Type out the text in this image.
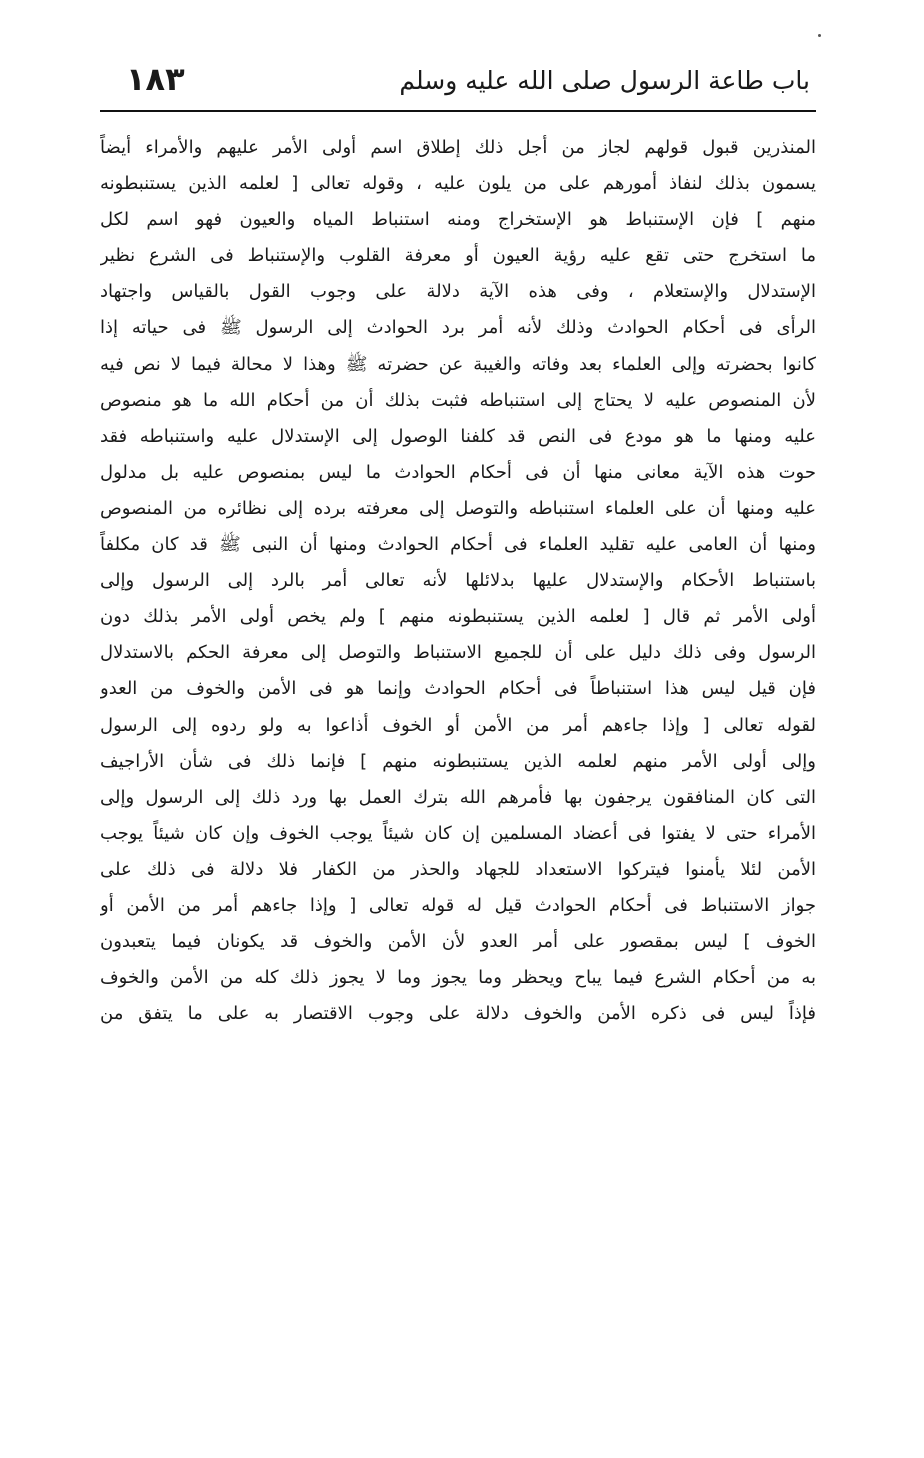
١٨٣	باب طاعة الرسول صلى الله عليه وسلم
المنذرين قبول قولهم لجاز من أجل ذلك إطلاق اسم أولى الأمر عليهم والأمراء أيضاً
يسمون بذلك لنفاذ أمورهم على من يلون عليه ، وقوله تعالى [ لعلمه الذين يستنبطونه
منهم ] فإن الإستنباط هو الإستخراج ومنه استنباط المياه والعيون فهو اسم لكل
ما استخرج حتى تقع عليه رؤية العيون أو معرفة القلوب والإستنباط فى الشرع نظير
الإستدلال والإستعلام ، وفى هذه الآية دلالة على وجوب القول بالقياس واجتهاد
الرأى فى أحكام الحوادث وذلك لأنه أمر برد الحوادث إلى الرسول ﷺ فى حياته إذا
كانوا بحضرته وإلى العلماء بعد وفاته والغيبة عن حضرته ﷺ وهذا لا محالة فيما لا نص فيه
لأن المنصوص عليه لا يحتاج إلى استنباطه فثبت بذلك أن من أحكام الله ما هو منصوص
عليه ومنها ما هو مودع فى النص قد كلفنا الوصول إلى الإستدلال عليه واستنباطه فقد
حوت هذه الآية معانى منها أن فى أحكام الحوادث ما ليس بمنصوص عليه بل مدلول
عليه ومنها أن على العلماء استنباطه والتوصل إلى معرفته برده إلى نظائره من المنصوص
ومنها أن العامى عليه تقليد العلماء فى أحكام الحوادث ومنها أن النبى ﷺ قد كان مكلفاً
باستنباط الأحكام والإستدلال عليها بدلائلها لأنه تعالى أمر بالرد إلى الرسول وإلى
أولى الأمر ثم قال [ لعلمه الذين يستنبطونه منهم ] ولم يخص أولى الأمر بذلك دون
الرسول وفى ذلك دليل على أن للجميع الاستنباط والتوصل إلى معرفة الحكم بالاستدلال
فإن قيل ليس هذا استنباطاً فى أحكام الحوادث وإنما هو فى الأمن والخوف من العدو
لقوله تعالى [ وإذا جاءهم أمر من الأمن أو الخوف أذاعوا به ولو ردوه إلى الرسول
وإلى أولى الأمر منهم لعلمه الذين يستنبطونه منهم ] فإنما ذلك فى شأن الأراجيف
التى كان المنافقون يرجفون بها فأمرهم الله بترك العمل بها ورد ذلك إلى الرسول وإلى
الأمراء حتى لا يفتوا فى أعضاد المسلمين إن كان شيئاً يوجب الخوف وإن كان شيئاً يوجب
الأمن لئلا يأمنوا فيتركوا الاستعداد للجهاد والحذر من الكفار فلا دلالة فى ذلك على
جواز الاستنباط فى أحكام الحوادث قيل له قوله تعالى [ وإذا جاءهم أمر من الأمن أو
الخوف ] ليس بمقصور على أمر العدو لأن الأمن والخوف قد يكونان فيما يتعبدون
به من أحكام الشرع فيما يباح ويحظر وما يجوز وما لا يجوز ذلك كله من الأمن والخوف
فإذاً ليس فى ذكره الأمن والخوف دلالة على وجوب الاقتصار به على ما يتفق من
